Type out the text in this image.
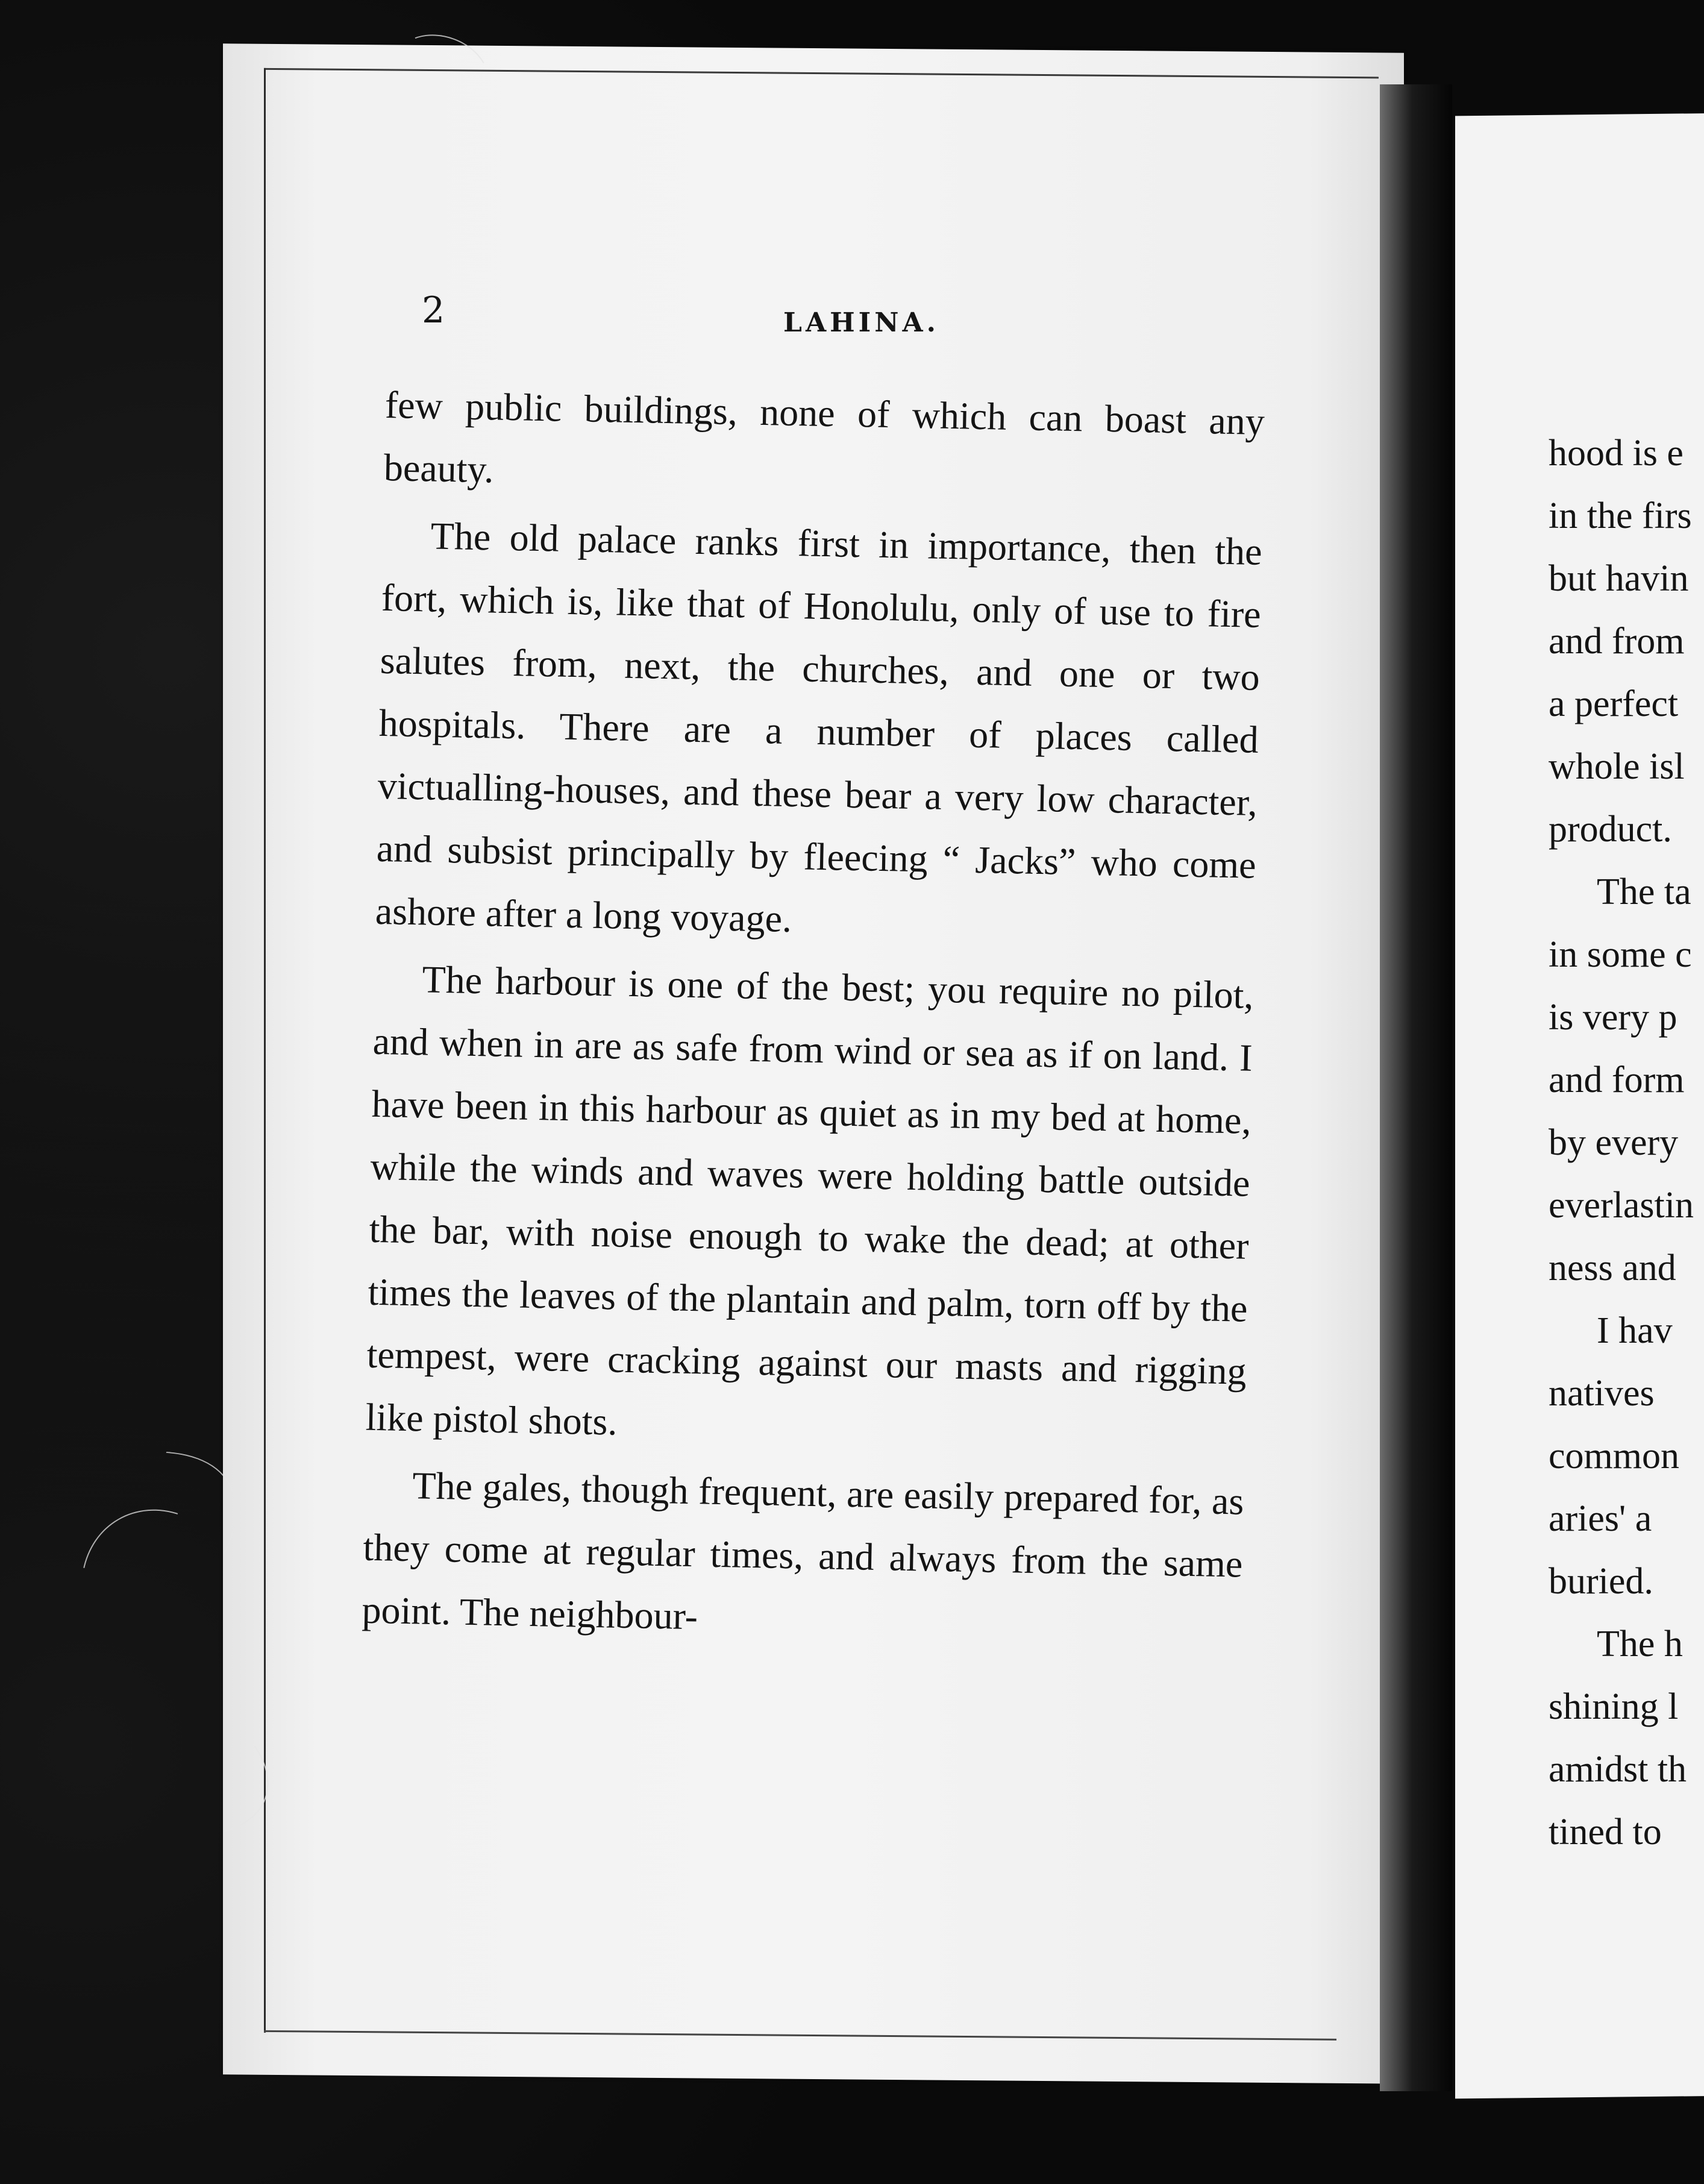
2	LAHINA.

few public buildings, none of which can boast any beauty.

The old palace ranks first in importance, then the fort, which is, like that of Honolulu, only of use to fire salutes from, next, the churches, and one or two hospitals. There are a number of places called victualling-houses, and these bear a very low character, and subsist principally by fleecing “ Jacks” who come ashore after a long voyage.

The harbour is one of the best; you require no pilot, and when in are as safe from wind or sea as if on land. I have been in this harbour as quiet as in my bed at home, while the winds and waves were holding battle outside the bar, with noise enough to wake the dead; at other times the leaves of the plantain and palm, torn off by the tempest, were cracking against our masts and rigging like pistol shots.

The gales, though frequent, are easily prepared for, as they come at regular times, and always from the same point. The neighbour-

hood is e
in the firs
but havin
and from
a perfect
whole isl
product.
The ta
in some c
is very p
and form
by every
everlastin
ness and
I hav
natives
common
aries' a
buried.
The h
shining l
amidst th
tined to
